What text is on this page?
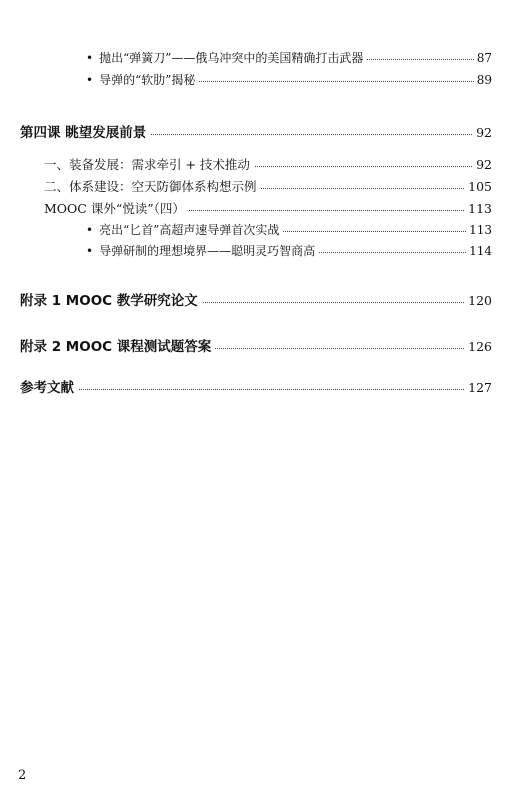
• 抛出“弹簧刀”——俄乌冲突中的美国精确打击武器	87
• 导弹的“软肋”揭秘	89
第四课 眺望发展前景	92
一、装备发展：需求牵引 + 技术推动	92
二、体系建设：空天防御体系构想示例	105
MOOC 课外“悦读”（四）	113
• 亮出“匕首”高超声速导弹首次实战	113
• 导弹研制的理想境界——聪明灵巧智商高	114
附录 1 MOOC 教学研究论文	120
附录 2 MOOC 课程测试题答案	126
参考文献	127
2
